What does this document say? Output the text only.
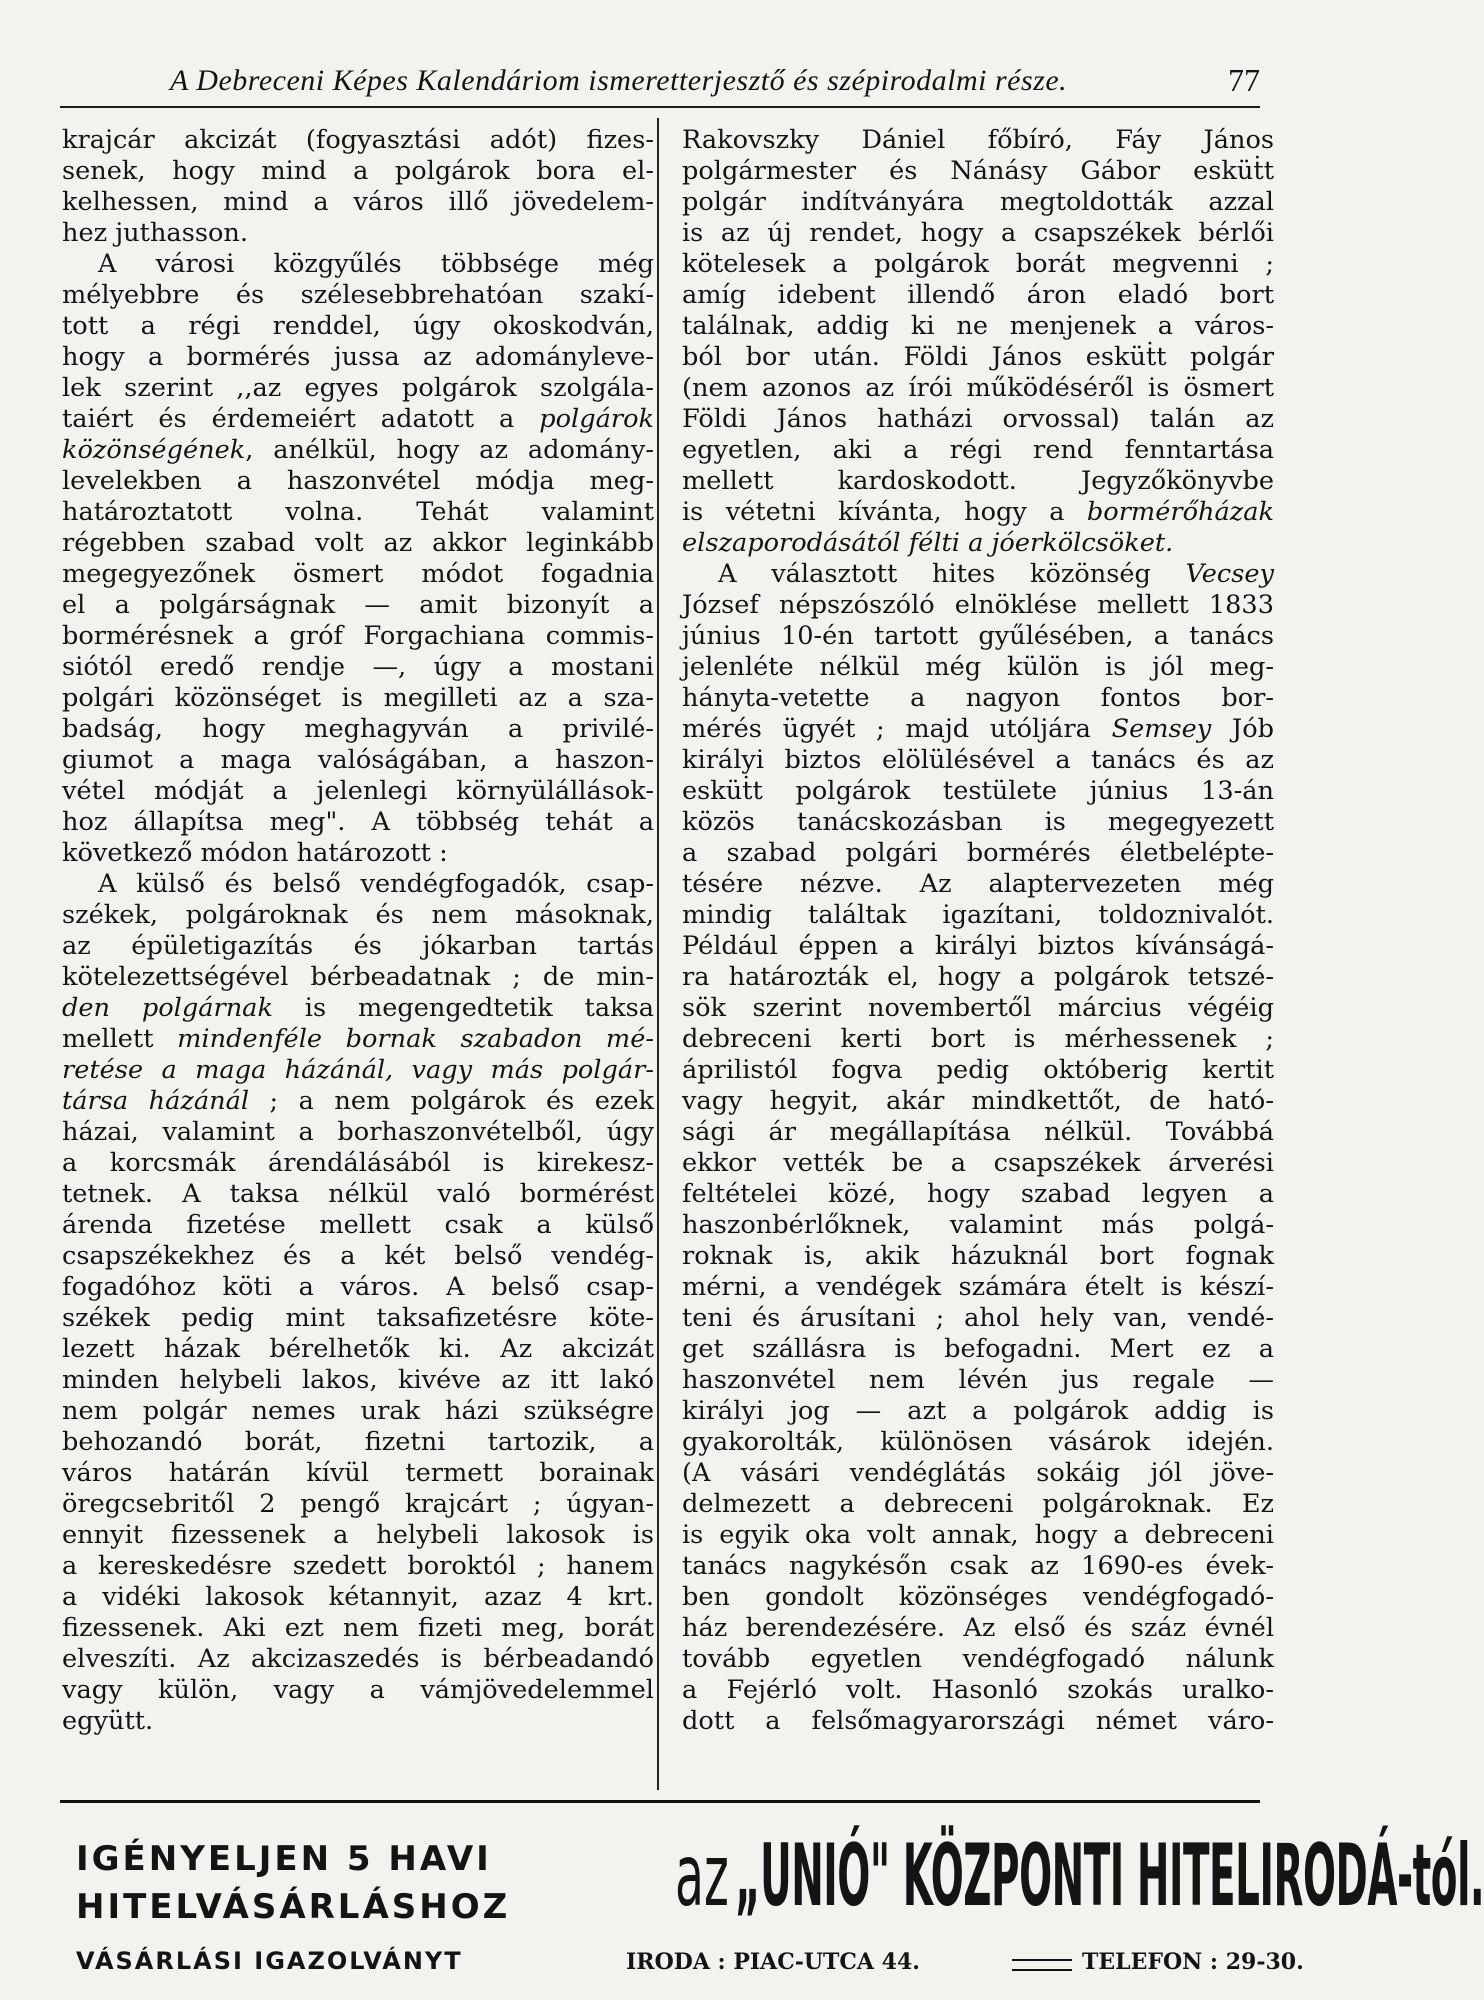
A Debreceni Képes Kalendáriom ismeretterjesztő és szépirodalmi része.	77
krajcár akcizát (fogyasztási adót) fizes-
senek, hogy mind a polgárok bora el-
kelhessen, mind a város illő jövedelem-
hez juthasson.
A városi közgyűlés többsége még
mélyebbre és szélesebbrehatóan szakí-
tott a régi renddel, úgy okoskodván,
hogy a bormérés jussa az adományleve-
lek szerint ,,az egyes polgárok szolgála-
taiért és érdemeiért adatott a polgárok
közönségének, anélkül, hogy az adomány-
levelekben a haszonvétel módja meg-
határoztatott volna. Tehát valamint
régebben szabad volt az akkor leginkább
megegyezőnek ösmert módot fogadnia
el a polgárságnak — amit bizonyít a
bormérésnek a gróf Forgachiana commis-
siótól eredő rendje —, úgy a mostani
polgári közönséget is megilleti az a sza-
badság, hogy meghagyván a privilé-
giumot a maga valóságában, a haszon-
vétel módját a jelenlegi környülállások-
hoz állapítsa meg". A többség tehát a
következő módon határozott :
A külső és belső vendégfogadók, csap-
székek, polgároknak és nem másoknak,
az épületigazítás és jókarban tartás
kötelezettségével bérbeadatnak ; de min-
den polgárnak is megengedtetik taksa
mellett mindenféle bornak szabadon mé-
retése a maga házánál, vagy más polgár-
társa házánál ; a nem polgárok és ezek
házai, valamint a borhaszonvételből, úgy
a korcsmák árendálásából is kirekesz-
tetnek. A taksa nélkül való bormérést
árenda fizetése mellett csak a külső
csapszékekhez és a két belső vendég-
fogadóhoz köti a város. A belső csap-
székek pedig mint taksafizetésre köte-
lezett házak bérelhetők ki. Az akcizát
minden helybeli lakos, kivéve az itt lakó
nem polgár nemes urak házi szükségre
behozandó borát, fizetni tartozik, a
város határán kívül termett borainak
öregcsebritől 2 pengő krajcárt ; úgyan-
ennyit fizessenek a helybeli lakosok is
a kereskedésre szedett boroktól ; hanem
a vidéki lakosok kétannyit, azaz 4 krt.
fizessenek. Aki ezt nem fizeti meg, borát
elveszíti. Az akcizaszedés is bérbeadandó
vagy külön, vagy a vámjövedelemmel
együtt.
Rakovszky Dániel főbíró, Fáy János
polgármester és Nánásy Gábor esküṫt
polgár indítványára megtoldották azzal
is az új rendet, hogy a csapszékek bérlői
kötelesek a polgárok borát megvenni ;
amíg idebent illendő áron eladó bort
találnak, addig ki ne menjenek a város-
ból bor után. Földi János esküṫt polgár
(nem azonos az írói működéséről is ösmert
Földi János hatházi orvossal) talán az
egyetlen, aki a régi rend fenntartása
mellett kardoskodott. Jegyzőkönyvbe
is vétetni kívánta, hogy a bormérőházak
elszaporodásától félti a jóerkölcsöket.
A választott hites közönség Vecsey
József népszószóló elnöklése mellett 1833
június 10-én tartott gyűlésében, a tanács
jelenléte nélkül még külön is jól meg-
hányta-vetette a nagyon fontos bor-
mérés ügyét ; majd utóljára Semsey Jób
királyi biztos elölülésével a tanács és az
esküṫt polgárok testülete június 13-án
közös tanácskozásban is megegyezett
a szabad polgári bormérés életbelépte-
tésére nézve. Az alaptervezeten még
mindig találtak igazítani, toldoznivalót.
Például éppen a királyi biztos kívánságá-
ra határozták el, hogy a polgárok tetszé-
sök szerint novembertől március végéig
debreceni kerti bort is mérhessenek ;
áprilistól fogva pedig októberig kertit
vagy hegyit, akár mindkettőt, de ható-
sági ár megállapítása nélkül. Továbbá
ekkor vették be a csapszékek árverési
feltételei közé, hogy szabad legyen a
haszonbérlőknek, valamint más polgá-
roknak is, akik házuknál bort fognak
mérni, a vendégek számára ételt is készí-
teni és árusítani ; ahol hely van, vendé-
get szállásra is befogadni. Mert ez a
haszonvétel nem lévén jus regale —
királyi jog — azt a polgárok addig is
gyakorolták, különösen vásárok idején.
(A vásári vendéglátás sokáig jól jöve-
delmezett a debreceni polgároknak. Ez
is egyik oka volt annak, hogy a debreceni
tanács nagykésőn csak az 1690-es évek-
ben gondolt közönséges vendégfogadó-
ház berendezésére. Az első és száz évnél
tovább egyetlen vendégfogadó nálunk
a Fejérló volt. Hasonló szokás uralko-
dott a felsőmagyarországi német váro-
IGÉNYELJEN 5 HAVI
HITELVÁSÁRLÁSHOZ
VÁSÁRLÁSI IGAZOLVÁNYT
az „UNIÓ" KÖZPONTI HITELIRODÁ-tól.
IRODA : PIAC-UTCA 44.	TELEFON : 29-30.
